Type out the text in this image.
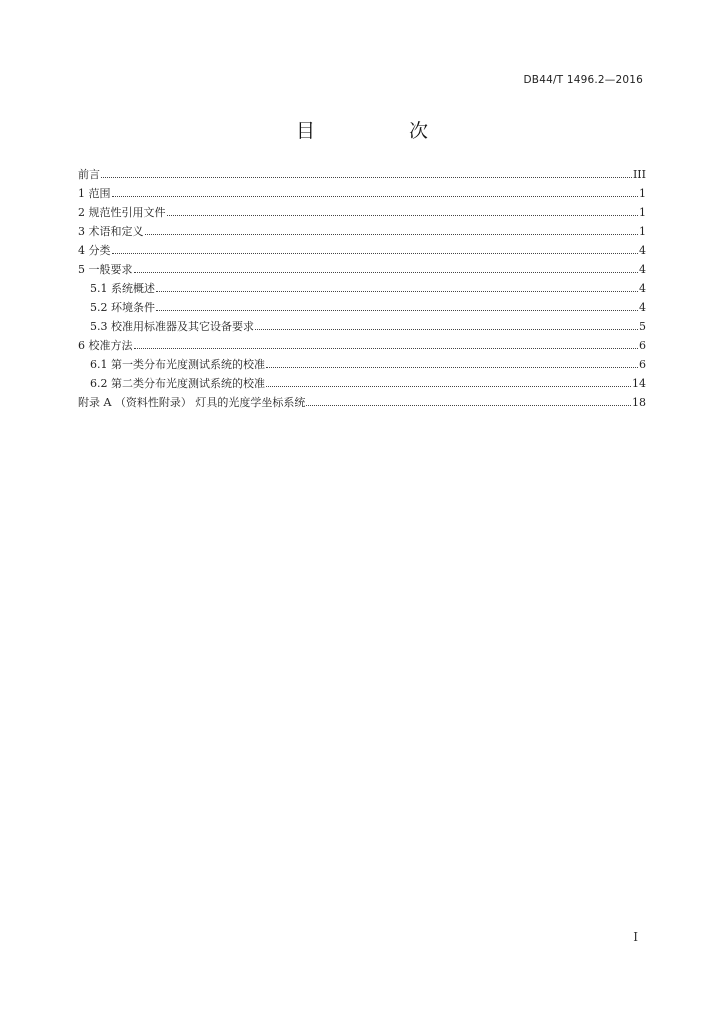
DB44/T 1496.2—2016
目 次
前言	III
1 范围	1
2 规范性引用文件	1
3 术语和定义	1
4 分类	4
5 一般要求	4
5.1 系统概述	4
5.2 环境条件	4
5.3 校准用标准器及其它设备要求	5
6 校准方法	6
6.1 第一类分布光度测试系统的校准	6
6.2 第二类分布光度测试系统的校准	14
附录 A （资料性附录） 灯具的光度学坐标系统	18
I
